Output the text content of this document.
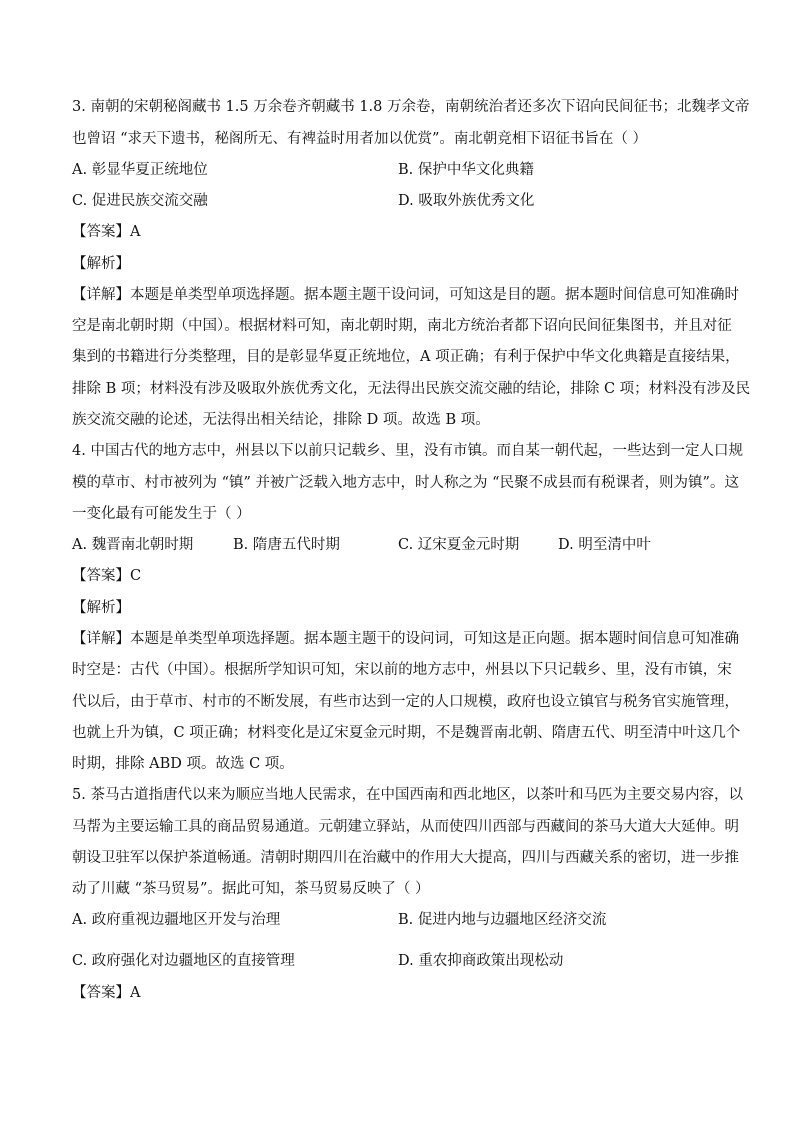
3. 南朝的宋朝秘阁藏书 1.5 万余卷齐朝藏书 1.8 万余卷，南朝统治者还多次下诏向民间征书；北魏孝文帝
也曾诏 “求天下遗书，秘阁所无、有裨益时用者加以优赏”。南北朝竞相下诏征书旨在（ ）
A. 彰显华夏正统地位	B. 保护中华文化典籍
C. 促进民族交流交融	D. 吸取外族优秀文化
【答案】A
【解析】
【详解】本题是单类型单项选择题。据本题主题干设问词，可知这是目的题。据本题时间信息可知准确时
空是南北朝时期（中国）。根据材料可知，南北朝时期，南北方统治者都下诏向民间征集图书，并且对征
集到的书籍进行分类整理，目的是彰显华夏正统地位，A 项正确；有利于保护中华文化典籍是直接结果，
排除 B 项；材料没有涉及吸取外族优秀文化，无法得出民族交流交融的结论，排除 C 项；材料没有涉及民
族交流交融的论述，无法得出相关结论，排除 D 项。故选 B 项。
4. 中国古代的地方志中，州县以下以前只记载乡、里，没有市镇。而自某一朝代起，一些达到一定人口规
模的草市、村市被列为 “镇” 并被广泛载入地方志中，时人称之为 “民聚不成县而有税课者，则为镇”。这
一变化最有可能发生于（ ）
A. 魏晋南北朝时期	B. 隋唐五代时期	C. 辽宋夏金元时期	D. 明至清中叶
【答案】C
【解析】
【详解】本题是单类型单项选择题。据本题主题干的设问词，可知这是正向题。据本题时间信息可知准确
时空是：古代（中国）。根据所学知识可知，宋以前的地方志中，州县以下只记载乡、里，没有市镇，宋
代以后，由于草市、村市的不断发展，有些市达到一定的人口规模，政府也设立镇官与税务官实施管理，
也就上升为镇，C 项正确；材料变化是辽宋夏金元时期，不是魏晋南北朝、隋唐五代、明至清中叶这几个
时期，排除 ABD 项。故选 C 项。
5. 茶马古道指唐代以来为顺应当地人民需求，在中国西南和西北地区，以茶叶和马匹为主要交易内容，以
马帮为主要运输工具的商品贸易通道。元朝建立驿站，从而使四川西部与西藏间的茶马大道大大延伸。明
朝设卫驻军以保护茶道畅通。清朝时期四川在治藏中的作用大大提高，四川与西藏关系的密切，进一步推
动了川藏 “茶马贸易”。据此可知，茶马贸易反映了（ ）
A. 政府重视边疆地区开发与治理	B. 促进内地与边疆地区经济交流
C. 政府强化对边疆地区的直接管理	D. 重农抑商政策出现松动
【答案】A
